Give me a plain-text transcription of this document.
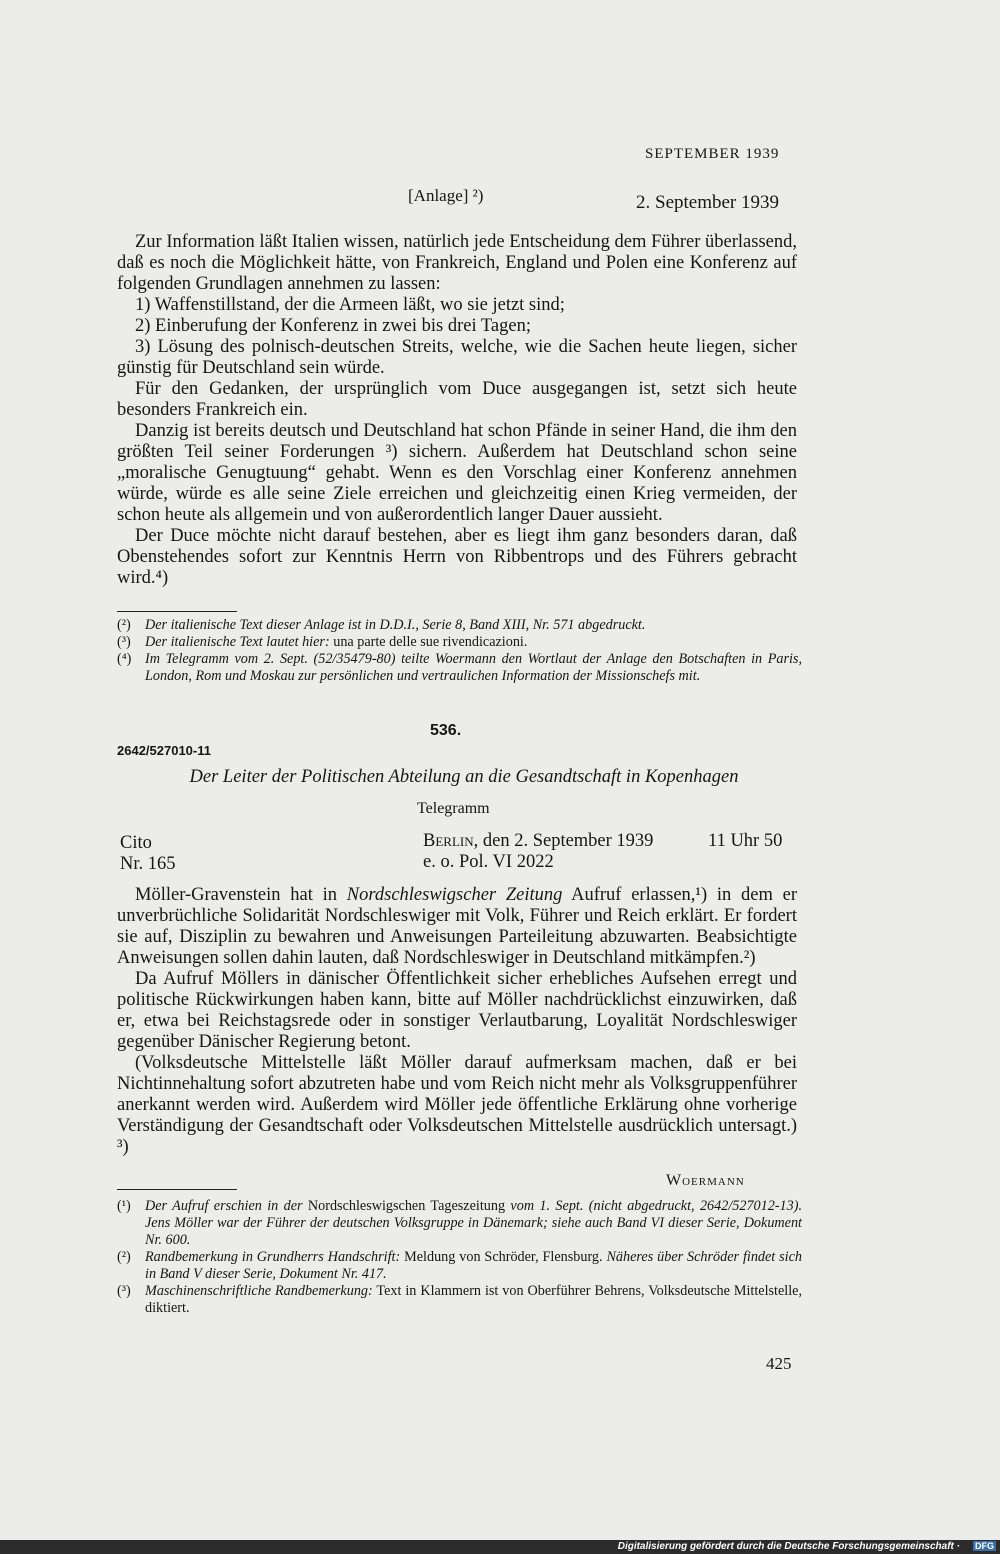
SEPTEMBER 1939
[Anlage] ²)	2. September 1939

Zur Information läßt Italien wissen, natürlich jede Entscheidung dem Führer überlassend, daß es noch die Möglichkeit hätte, von Frankreich, England und Polen eine Konferenz auf folgenden Grundlagen annehmen zu lassen:

1) Waffenstillstand, der die Armeen läßt, wo sie jetzt sind;

2) Einberufung der Konferenz in zwei bis drei Tagen;

3) Lösung des polnisch-deutschen Streits, welche, wie die Sachen heute liegen, sicher günstig für Deutschland sein würde.

Für den Gedanken, der ursprünglich vom Duce ausgegangen ist, setzt sich heute besonders Frankreich ein.

Danzig ist bereits deutsch und Deutschland hat schon Pfände in seiner Hand, die ihm den größten Teil seiner Forderungen ³) sichern. Außerdem hat Deutschland schon seine „moralische Genugtuung“ gehabt. Wenn es den Vorschlag einer Konferenz annehmen würde, würde es alle seine Ziele erreichen und gleichzeitig einen Krieg vermeiden, der schon heute als allgemein und von außerordentlich langer Dauer aussieht.

Der Duce möchte nicht darauf bestehen, aber es liegt ihm ganz besonders daran, daß Obenstehendes sofort zur Kenntnis Herrn von Ribbentrops und des Führers gebracht wird.⁴)

(²)	Der italienische Text dieser Anlage ist in D.D.I., Serie 8, Band XIII, Nr. 571 abgedruckt.
(³)	Der italienische Text lautet hier: una parte delle sue rivendicazioni.
(⁴) Im Telegramm vom 2. Sept. (52/35479-80) teilte Woermann den Wortlaut der Anlage den Botschaften in Paris, London, Rom und Moskau zur persönlichen und vertraulichen Information der Missionschefs mit.
536.
2642/527010-11
Der Leiter der Politischen Abteilung an die Gesandtschaft in Kopenhagen
Telegramm
Cito
Nr. 165
Berlin, den 2. September 1939	11 Uhr 50
e. o. Pol. VI 2022

Möller-Gravenstein hat in Nordschleswigscher Zeitung Aufruf erlassen,¹) in dem er unverbrüchliche Solidarität Nordschleswiger mit Volk, Führer und Reich erklärt. Er fordert sie auf, Disziplin zu bewahren und Anweisungen Parteileitung abzuwarten. Beabsichtigte Anweisungen sollen dahin lauten, daß Nordschleswiger in Deutschland mitkämpfen.²)

Da Aufruf Möllers in dänischer Öffentlichkeit sicher erhebliches Aufsehen erregt und politische Rückwirkungen haben kann, bitte auf Möller nachdrücklichst einzuwirken, daß er, etwa bei Reichstagsrede oder in sonstiger Verlautbarung, Loyalität Nordschleswiger gegenüber Dänischer Regierung betont.

(Volksdeutsche Mittelstelle läßt Möller darauf aufmerksam machen, daß er bei Nichtinnehaltung sofort abzutreten habe und vom Reich nicht mehr als Volksgruppenführer anerkannt werden wird. Außerdem wird Möller jede öffentliche Erklärung ohne vorherige Verständigung der Gesandtschaft oder Volksdeutschen Mittelstelle ausdrücklich untersagt.) ³)

Woermann
(¹)	Der Aufruf erschien in der Nordschleswigschen Tageszeitung vom 1. Sept. (nicht abgedruckt, 2642/527012-13). Jens Möller war der Führer der deutschen Volksgruppe in Dänemark; siehe auch Band VI dieser Serie, Dokument Nr. 600.
(²)	Randbemerkung in Grundherrs Handschrift: Meldung von Schröder, Flensburg. Näheres über Schröder findet sich in Band V dieser Serie, Dokument Nr. 417.
(³)	Maschinenschriftliche Randbemerkung: Text in Klammern ist von Oberführer Behrens, Volksdeutsche Mittelstelle, diktiert.
425
Digitalisierung gefördert durch die Deutsche Forschungsgemeinschaft · DFG
